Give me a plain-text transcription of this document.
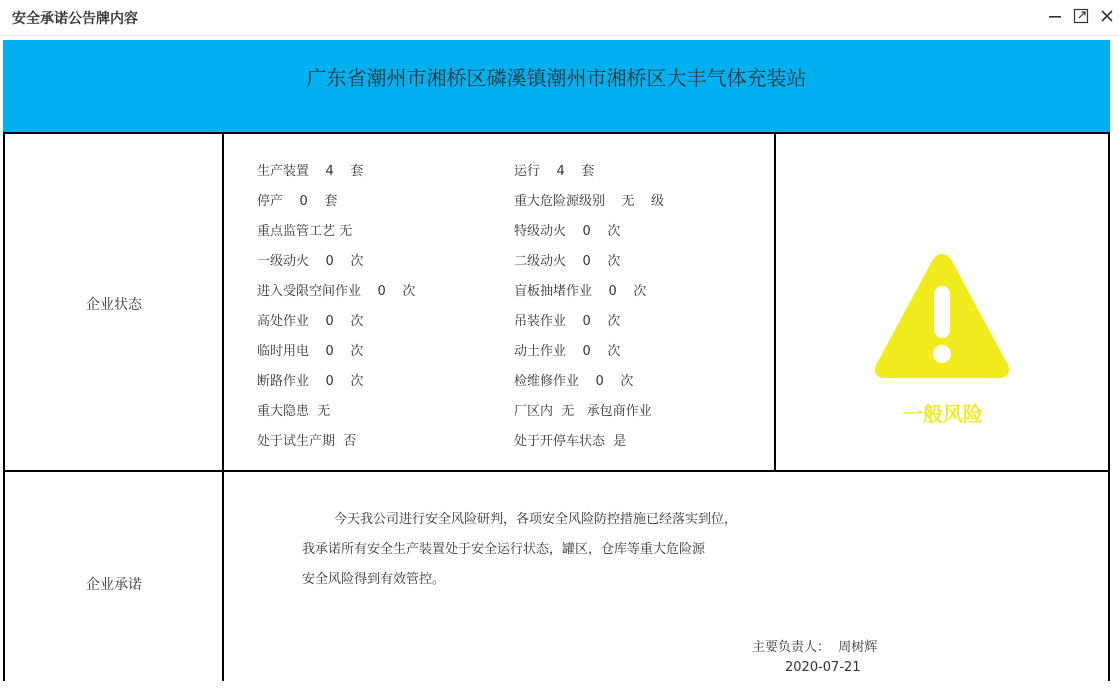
安全承诺公告牌内容
广东省潮州市湘桥区磷溪镇潮州市湘桥区大丰气体充装站
企业状态
企业承诺
生产装置    4    套
停产    0    套
重点监管工艺 无
一级动火    0    次
进入受限空间作业    0    次
高处作业    0    次
临时用电    0    次
断路作业    0    次
重大隐患  无
处于试生产期  否
运行    4    套
重大危险源级别    无    级
特级动火    0    次
二级动火    0    次
盲板抽堵作业    0    次
吊装作业    0    次
动土作业    0    次
检维修作业    0    次
厂区内  无   承包商作业
处于开停车状态  是
一般风险
今天我公司进行安全风险研判，各项安全风险防控措施已经落实到位，
我承诺所有安全生产装置处于安全运行状态，罐区，仓库等重大危险源
安全风险得到有效管控。
主要负责人：  周树辉
2020-07-21
